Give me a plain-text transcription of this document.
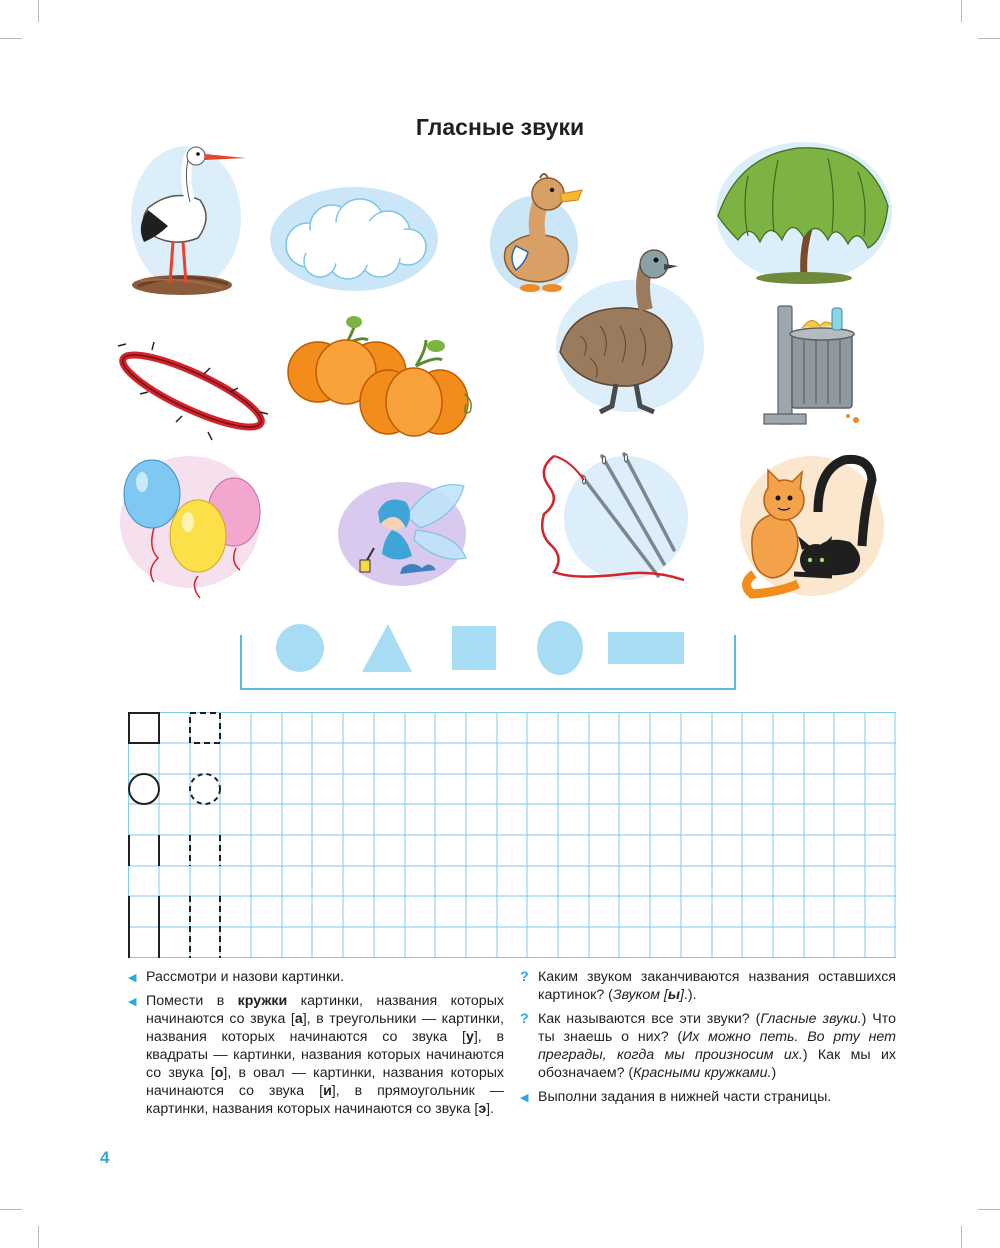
Гласные звуки

◀ Рассмотри и назови картинки.

◀ Помести в кружки картинки, названия которых начинаются со звука [а], в треугольники — картинки, названия которых начинаются со звука [у], в квадраты — картинки, названия которых начинаются со звука [о], в овал — картинки, названия которых начинаются со звука [и], в прямоугольник — картинки, названия которых начинаются со звука [э].

? Каким звуком заканчиваются названия оставшихся картинок? (Звуком [ы].).

? Как называются все эти звуки? (Гласные звуки.) Что ты знаешь о них? (Их можно петь. Во рту нет преграды, когда мы произносим их.) Как мы их обозначаем? (Красными кружками.)

◀ Выполни задания в нижней части страницы.

4
